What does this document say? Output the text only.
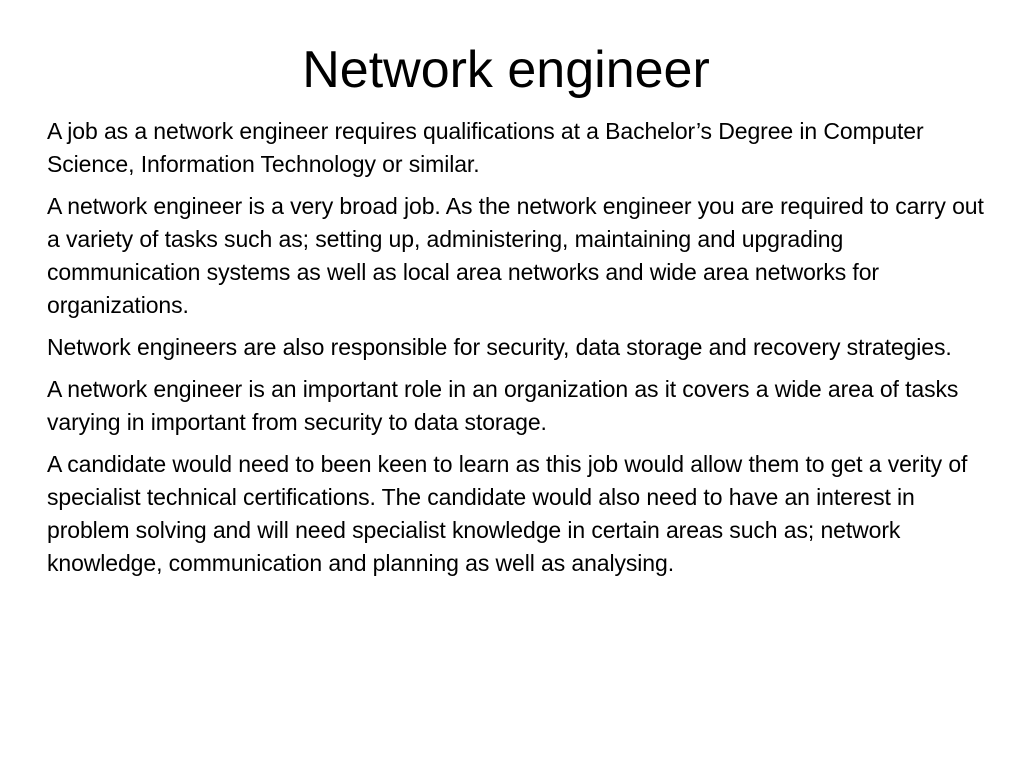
Network engineer

A job as a network engineer requires qualifications at a Bachelor’s Degree in Computer Science, Information Technology or similar.

A network engineer is a very broad job. As the network engineer you are required to carry out a variety of tasks such as; setting up, administering, maintaining and upgrading communication systems as well as local area networks and wide area networks for organizations.

Network engineers are also responsible for security, data storage and recovery strategies.

A network engineer is an important role in an organization as it covers a wide area of tasks varying in important from security to data storage.

A candidate would need to been keen to learn as this job would allow them to get a verity of specialist technical certifications. The candidate would also need to have an interest in problem solving and will need specialist knowledge in certain areas such as; network knowledge, communication and planning as well as analysing.
